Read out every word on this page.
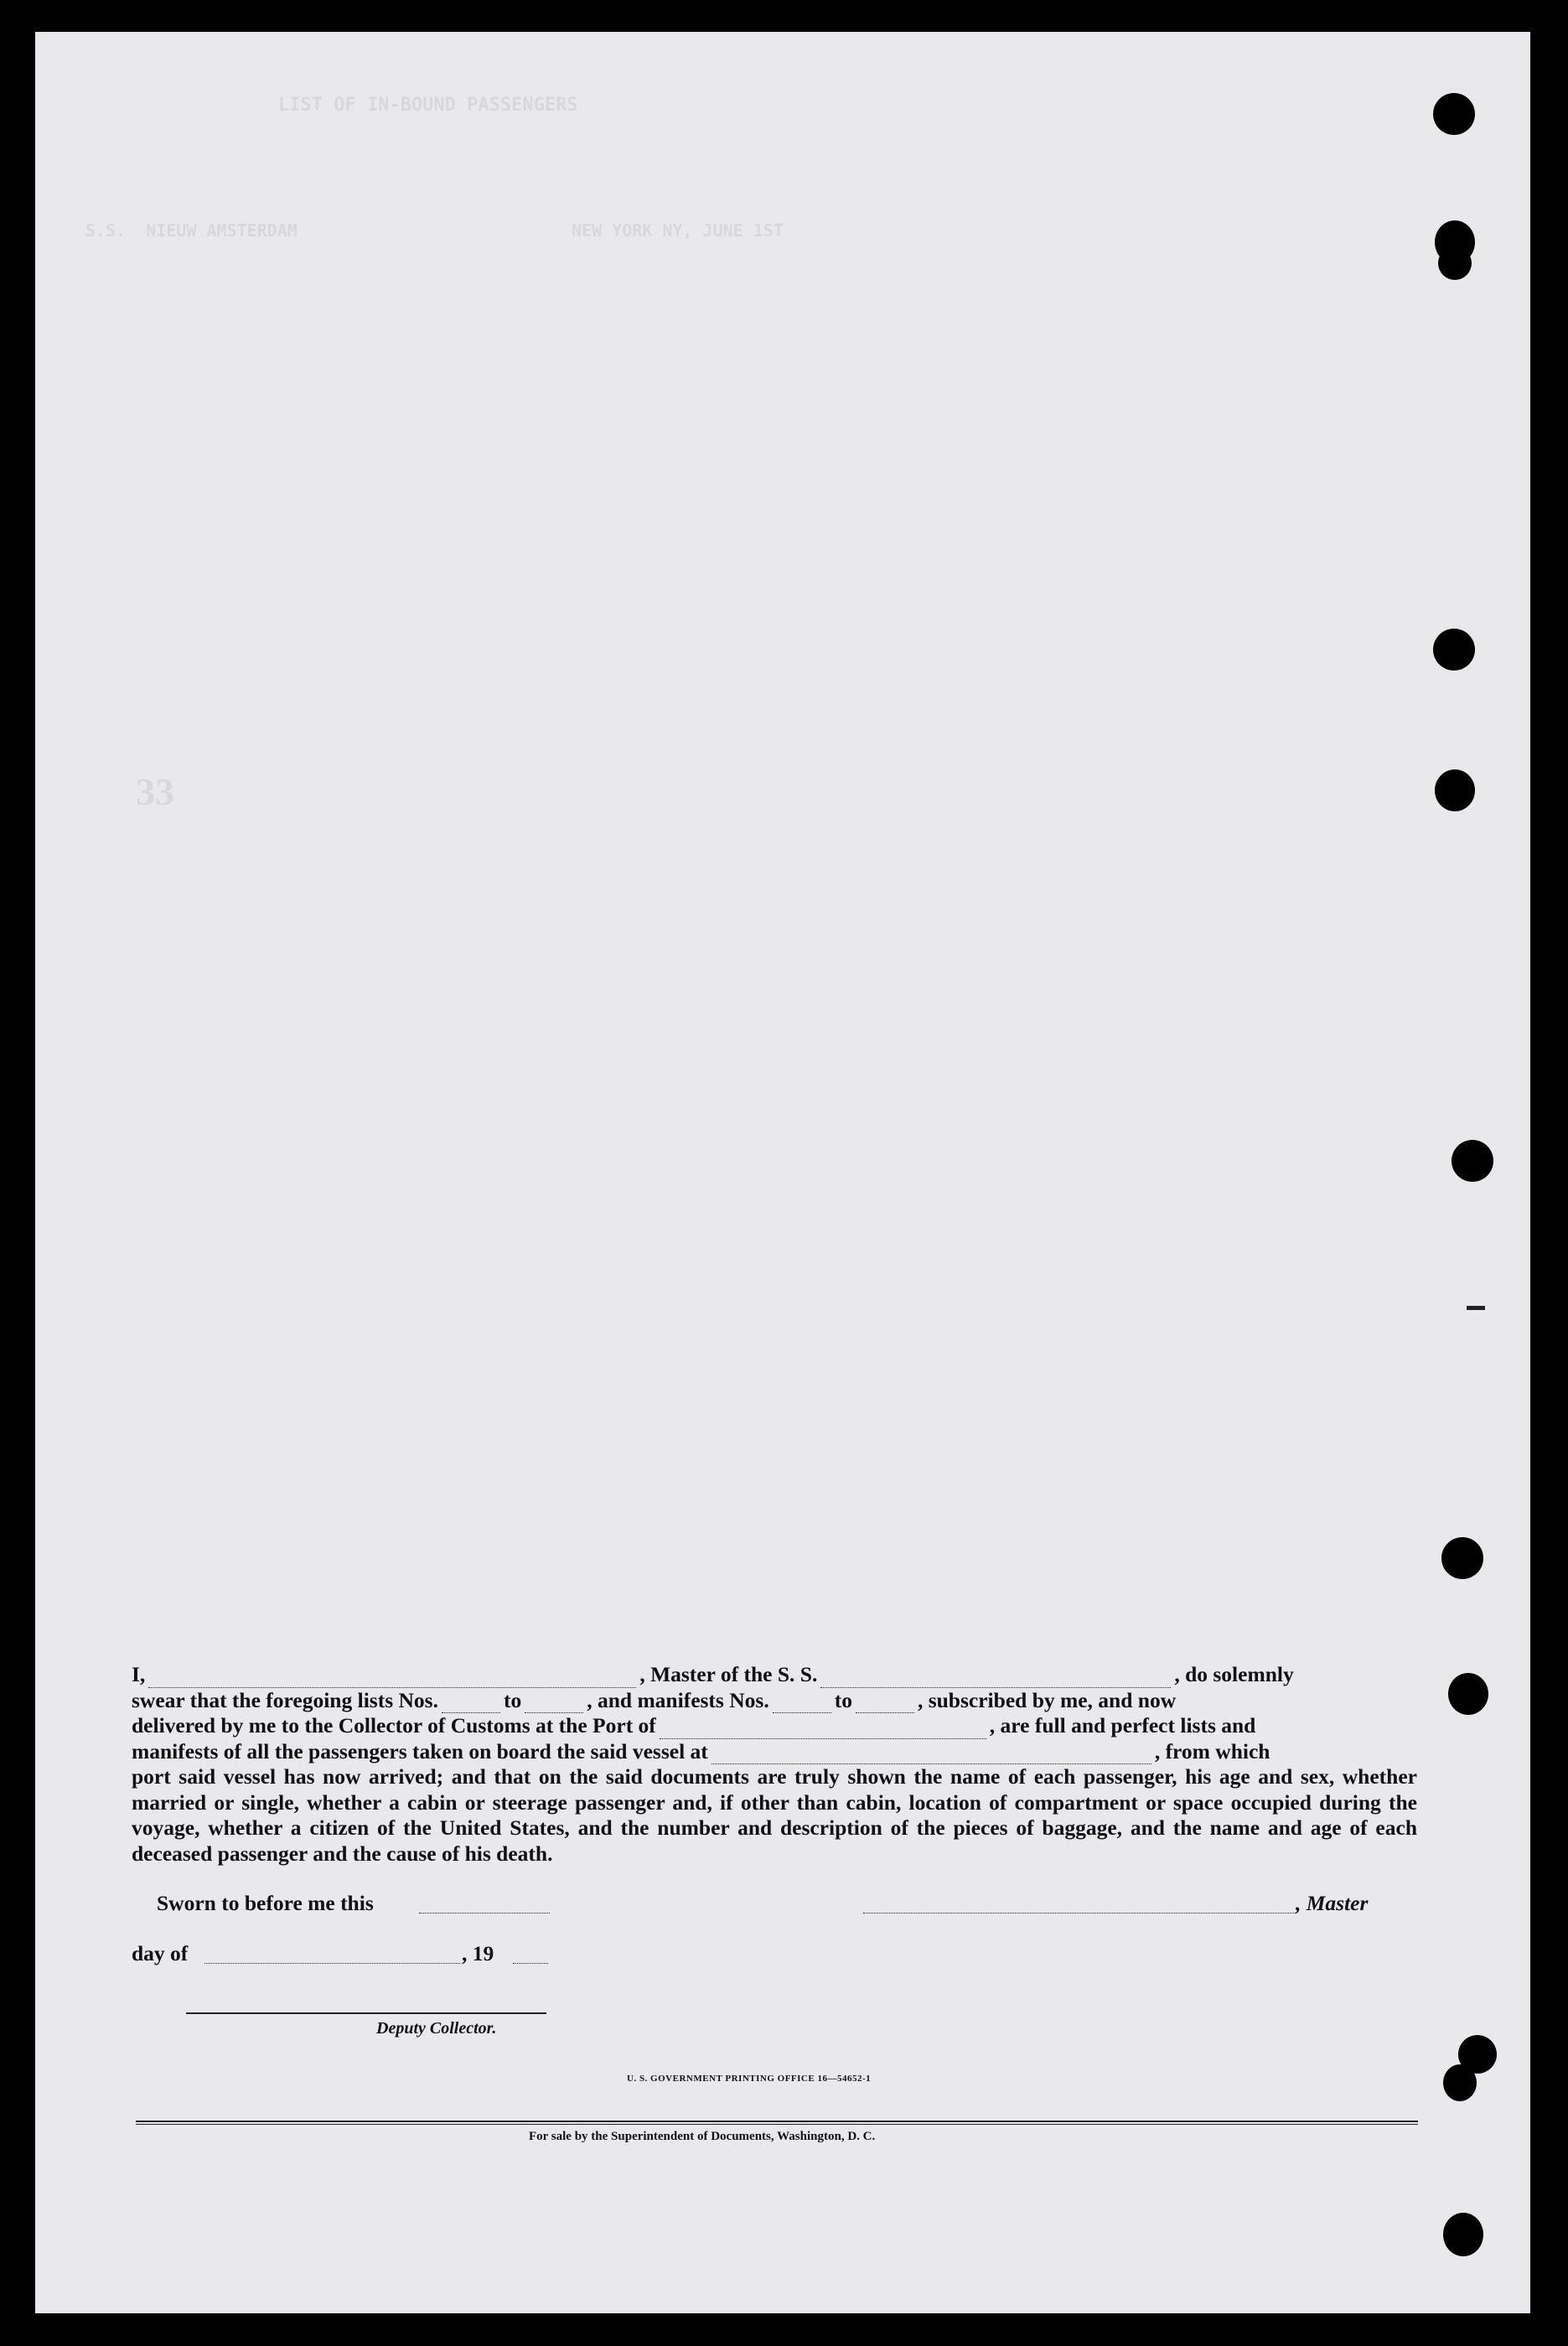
LIST OF IN-BOUND PASSENGERS
S.S.  NIEUW AMSTERDAM	NEW YORK NY, JUNE 1ST
33
I,	, Master of the S. S.	, do solemnly
swear that the foregoing lists Nos.	to	, and manifests Nos.	to	, subscribed by me, and now
delivered by me to the Collector of Customs at the Port of	, are full and perfect lists and
manifests of all the passengers taken on board the said vessel at	, from which

port said vessel has now arrived; and that on the said documents are truly shown the name of each passenger, his age and sex, whether married or single, whether a cabin or steerage passenger and, if other than cabin, location of compartment or space occupied during the voyage, whether a citizen of the United States, and the number and description of the pieces of baggage, and the name and age of each deceased passenger and the cause of his death.

Sworn to before me this	, Master
day of	, 19
Deputy Collector.
U. S. GOVERNMENT PRINTING OFFICE 16—54652-1
For sale by the Superintendent of Documents, Washington, D. C.
